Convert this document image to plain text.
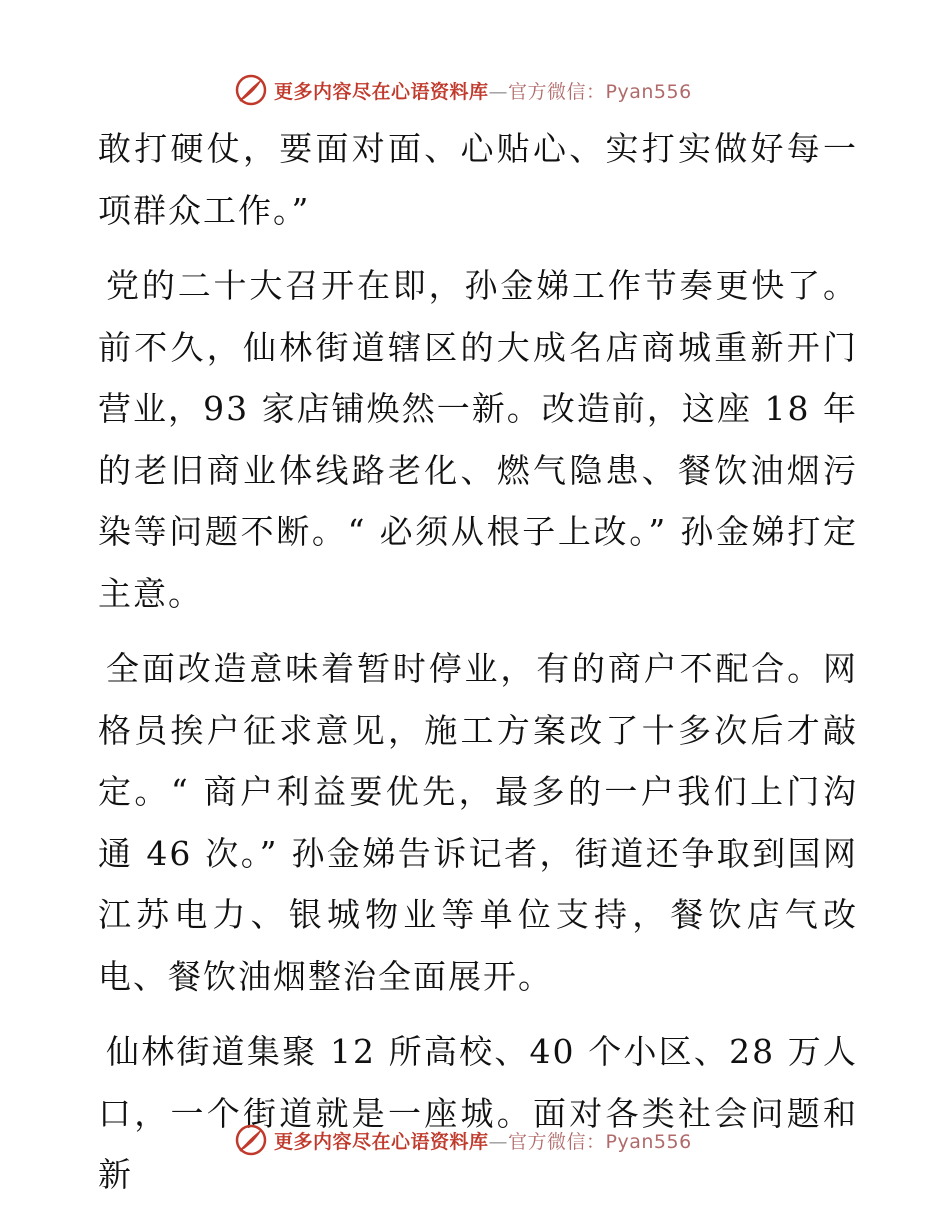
更多内容尽在心语资料库—官方微信：Pyan556

敢打硬仗，要面对面、心贴心、实打实做好每一项群众工作。”

党的二十大召开在即，孙金娣工作节奏更快了。前不久，仙林街道辖区的大成名店商城重新开门营业，93 家店铺焕然一新。改造前，这座 18 年的老旧商业体线路老化、燃气隐患、餐饮油烟污染等问题不断。“ 必须从根子上改。” 孙金娣打定主意。

全面改造意味着暂时停业，有的商户不配合。网格员挨户征求意见，施工方案改了十多次后才敲定。“ 商户利益要优先，最多的一户我们上门沟通 46 次。” 孙金娣告诉记者，街道还争取到国网江苏电力、银城物业等单位支持，餐饮店气改电、餐饮油烟整治全面展开。

仙林街道集聚 12 所高校、40 个小区、28 万人口，一个街道就是一座城。面对各类社会问题和新

更多内容尽在心语资料库—官方微信：Pyan556
